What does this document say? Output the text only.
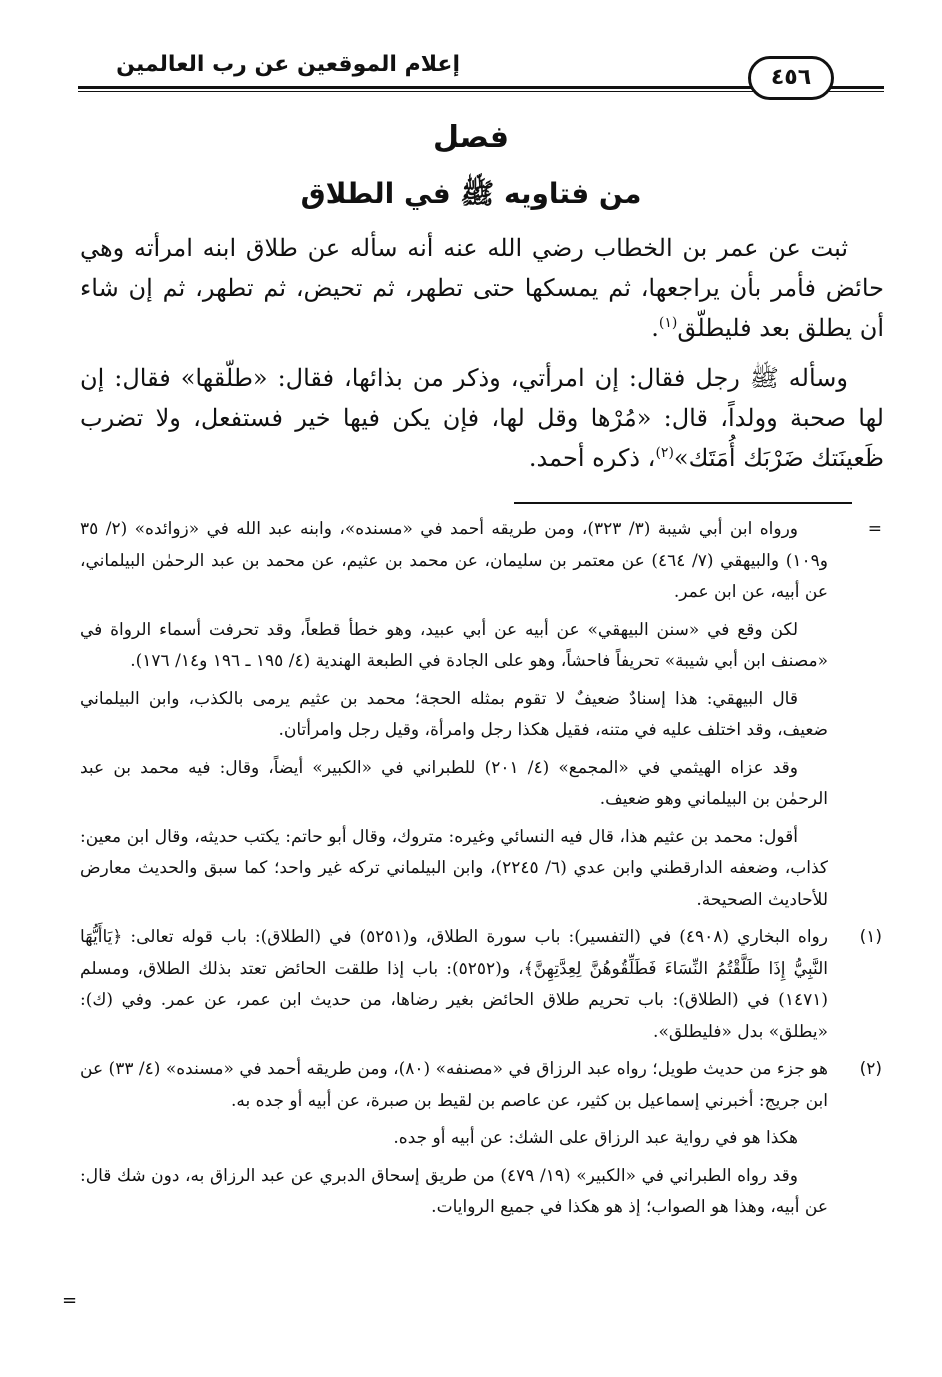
إعلام الموقعين عن رب العالمين
٤٥٦
فصل
من فتاويه ﷺ في الطلاق

ثبت عن عمر بن الخطاب رضي الله عنه أنه سأله عن طلاق ابنه امرأته وهي حائض فأمر بأن يراجعها، ثم يمسكها حتى تطهر، ثم تحيض، ثم تطهر، ثم إن شاء أن يطلق بعد فليطلّق$^{(١)}$.

وسأله ﷺ رجل فقال: إن امرأتي، وذكر من بذائها، فقال: «طلّقها» فقال: إن لها صحبة وولداً، قال: «مُرْها وقل لها، فإن يكن فيها خير فستفعل، ولا تضرب ظَعينَتك ضَرْبَك أُمَتَك»$^{(٢)}$، ذكره أحمد.

=

ورواه ابن أبي شيبة (٣/ ٣٢٣)، ومن طريقه أحمد في «مسنده»، وابنه عبد الله في «زوائده» (٢/ ٣٥ و١٠٩) والبيهقي (٧/ ٤٦٤) عن معتمر بن سليمان، عن محمد بن عثيم، عن محمد بن عبد الرحمٰن البيلماني، عن أبيه، عن ابن عمر.

لكن وقع في «سنن البيهقي» عن أبيه عن أبي عبيد، وهو خطأ قطعاً، وقد تحرفت أسماء الرواة في «مصنف ابن أبي شيبة» تحريفاً فاحشاً، وهو على الجادة في الطبعة الهندية (٤/ ١٩٥ ـ ١٩٦ و١٤/ ١٧٦).

قال البيهقي: هذا إسنادٌ ضعيفٌ لا تقوم بمثله الحجة؛ محمد بن عثيم يرمى بالكذب، وابن البيلماني ضعيف، وقد اختلف عليه في متنه، فقيل هكذا رجل وامرأة، وقيل رجل وامرأتان.

وقد عزاه الهيثمي في «المجمع» (٤/ ٢٠١) للطبراني في «الكبير» أيضاً، وقال: فيه محمد بن عبد الرحمٰن بن البيلماني وهو ضعيف.

أقول: محمد بن عثيم هذا، قال فيه النسائي وغيره: متروك، وقال أبو حاتم: يكتب حديثه، وقال ابن معين: كذاب، وضعفه الدارقطني وابن عدي (٦/ ٢٢٤٥)، وابن البيلماني تركه غير واحد؛ كما سبق والحديث معارض للأحاديث الصحيحة.

(١)

رواه البخاري (٤٩٠٨) في (التفسير): باب سورة الطلاق، و(٥٢٥١) في (الطلاق): باب قوله تعالى: ﴿يَاأَيُّهَا النَّبِيُّ إِذَا طَلَّقْتُمُ النِّسَاءَ فَطَلِّقُوهُنَّ لِعِدَّتِهِنَّ﴾، و(٥٢٥٢): باب إذا طلقت الحائض تعتد بذلك الطلاق، ومسلم (١٤٧١) في (الطلاق): باب تحريم طلاق الحائض بغير رضاها، من حديث ابن عمر، عن عمر. وفي (ك): «يطلق» بدل «فليطلق».

(٢)

هو جزء من حديث طويل؛ رواه عبد الرزاق في «مصنفه» (٨٠)، ومن طريقه أحمد في «مسنده» (٤/ ٣٣) عن ابن جريج: أخبرني إسماعيل بن كثير، عن عاصم بن لقيط بن صبرة، عن أبيه أو جده به.

هكذا هو في رواية عبد الرزاق على الشك: عن أبيه أو جده.

وقد رواه الطبراني في «الكبير» (١٩/ ٤٧٩) من طريق إسحاق الدبري عن عبد الرزاق به، دون شك قال: عن أبيه، وهذا هو الصواب؛ إذ هو هكذا في جميع الروايات.

=
